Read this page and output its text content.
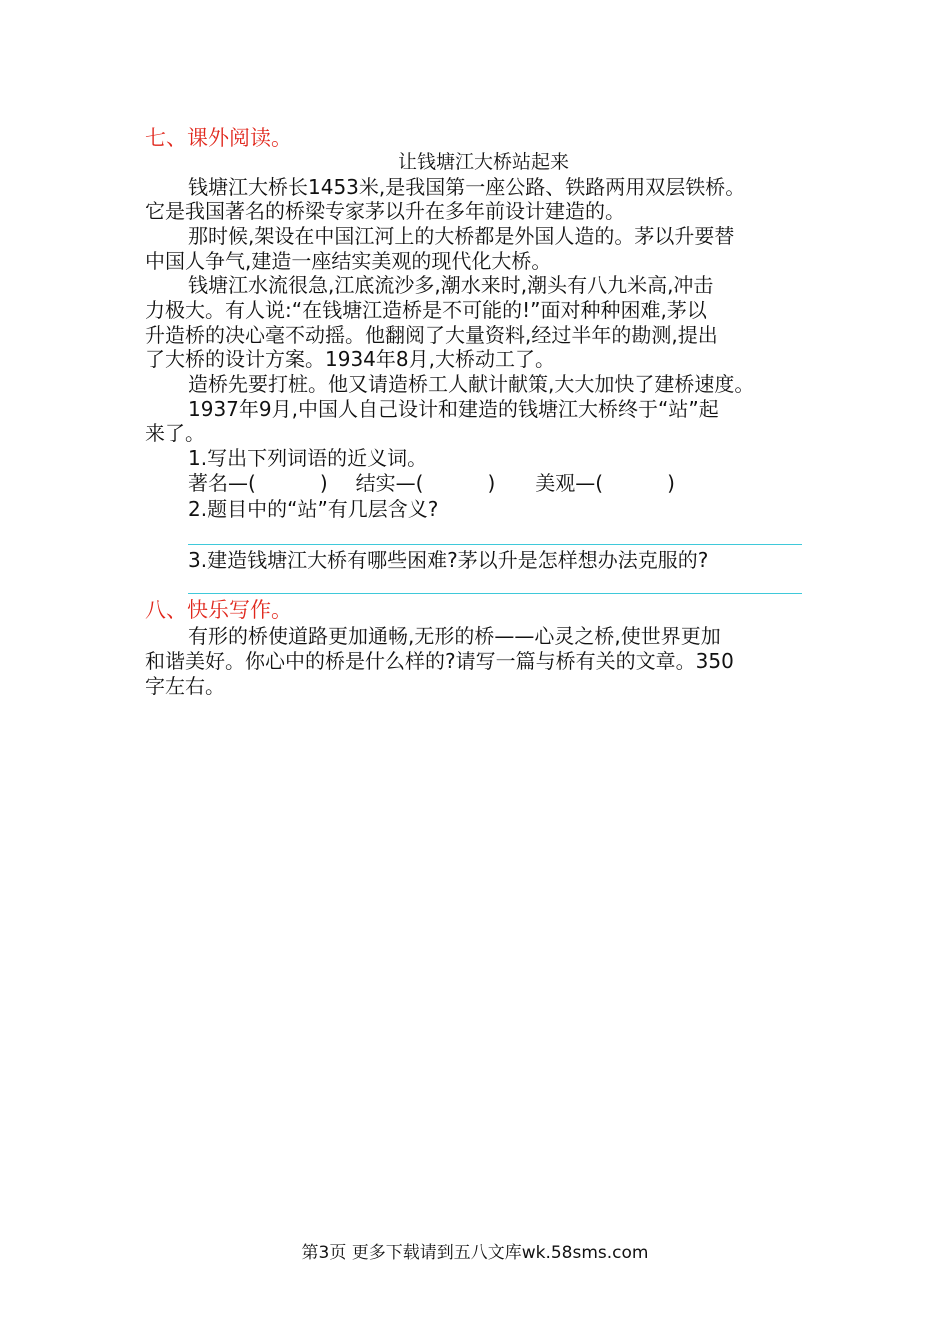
七、课外阅读。
让钱塘江大桥站起来
钱塘江大桥长1453米,是我国第一座公路、铁路两用双层铁桥。
它是我国著名的桥梁专家茅以升在多年前设计建造的。
那时候,架设在中国江河上的大桥都是外国人造的。茅以升要替
中国人争气,建造一座结实美观的现代化大桥。
钱塘江水流很急,江底流沙多,潮水来时,潮头有八九米高,冲击
力极大。有人说:“在钱塘江造桥是不可能的!”面对种种困难,茅以
升造桥的决心毫不动摇。他翻阅了大量资料,经过半年的勘测,提出
了大桥的设计方案。1934年8月,大桥动工了。
造桥先要打桩。他又请造桥工人献计献策,大大加快了建桥速度。
1937年9月,中国人自己设计和建造的钱塘江大桥终于“站”起
来了。
1.写出下列词语的近义词。
著名—(	) 结实—(	) 美观—(	)
2.题目中的“站”有几层含义?
3.建造钱塘江大桥有哪些困难?茅以升是怎样想办法克服的?
八、快乐写作。
有形的桥使道路更加通畅,无形的桥——心灵之桥,使世界更加
和谐美好。你心中的桥是什么样的?请写一篇与桥有关的文章。350
字左右。
第3页 更多下载请到五八文库wk.58sms.com
